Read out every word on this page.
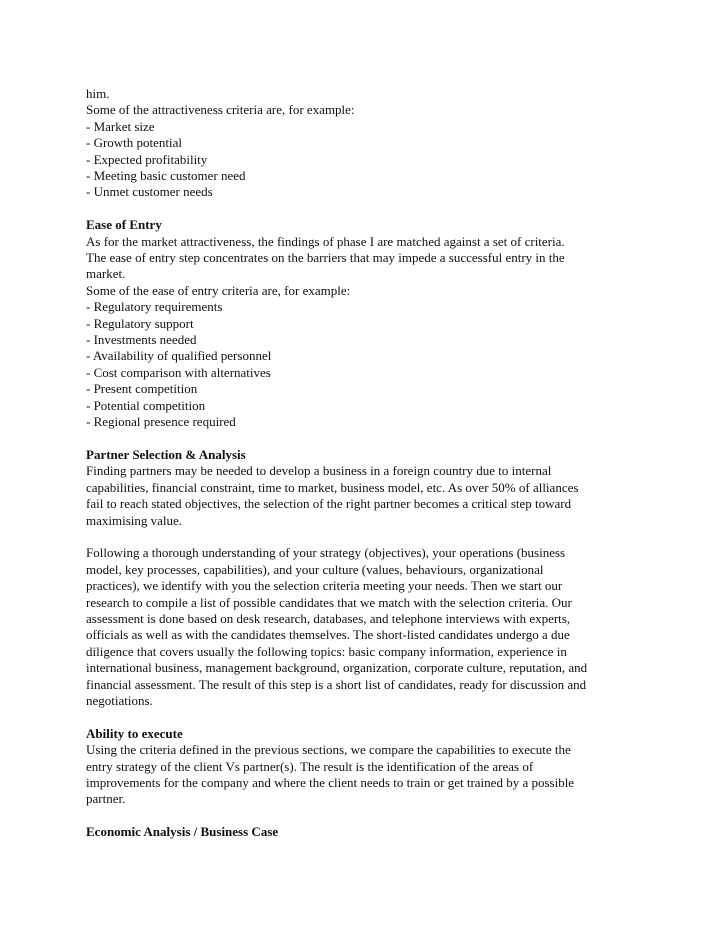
him.
Some of the attractiveness criteria are, for example:
- Market size
- Growth potential
- Expected profitability
- Meeting basic customer need
- Unmet customer needs
Ease of Entry
As for the market attractiveness, the findings of phase I are matched against a set of criteria.
The ease of entry step concentrates on the barriers that may impede a successful entry in the
market.
Some of the ease of entry criteria are, for example:
- Regulatory requirements
- Regulatory support
- Investments needed
- Availability of qualified personnel
- Cost comparison with alternatives
- Present competition
- Potential competition
- Regional presence required
Partner Selection & Analysis
Finding partners may be needed to develop a business in a foreign country due to internal
capabilities, financial constraint, time to market, business model, etc. As over 50% of alliances
fail to reach stated objectives, the selection of the right partner becomes a critical step toward
maximising value.
Following a thorough understanding of your strategy (objectives), your operations (business
model, key processes, capabilities), and your culture (values, behaviours, organizational
practices), we identify with you the selection criteria meeting your needs. Then we start our
research to compile a list of possible candidates that we match with the selection criteria. Our
assessment is done based on desk research, databases, and telephone interviews with experts,
officials as well as with the candidates themselves. The short-listed candidates undergo a due
diligence that covers usually the following topics: basic company information, experience in
international business, management background, organization, corporate culture, reputation, and
financial assessment. The result of this step is a short list of candidates, ready for discussion and
negotiations.
Ability to execute
Using the criteria defined in the previous sections, we compare the capabilities to execute the
entry strategy of the client Vs partner(s). The result is the identification of the areas of
improvements for the company and where the client needs to train or get trained by a possible
partner.
Economic Analysis / Business Case
